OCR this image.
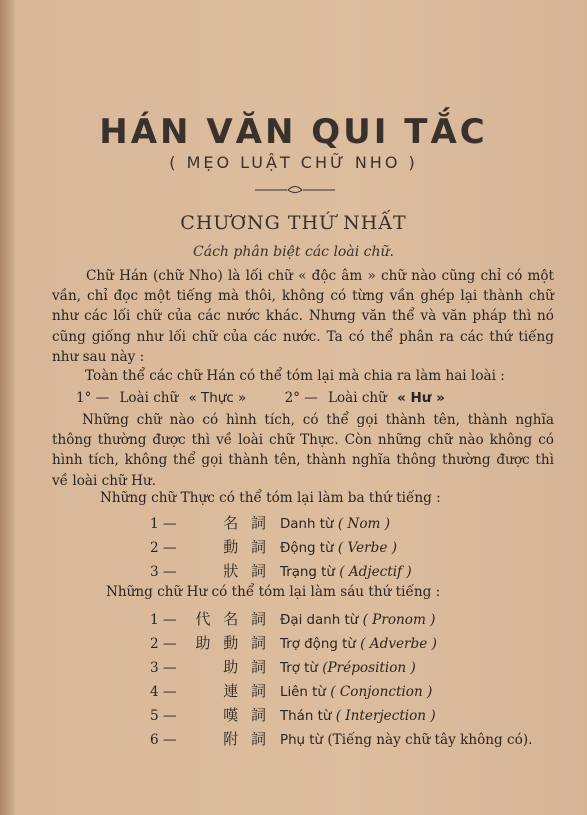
HÁN VĂN QUI TẮC
( MẸO LUẬT CHỮ NHO )
CHƯƠNG THỨ NHẤT
Cách phân biệt các loài chữ.
Chữ Hán (chữ Nho) là lối chữ « độc âm » chữ nào cũng chỉ có một vần, chỉ đọc một tiếng mà thôi, không có từng vần ghép lại thành chữ như các lối chữ của các nước khác. Nhưng văn thể và văn pháp thì nó cũng giống như lối chữ của các nước. Ta có thể phân ra các thứ tiếng như sau này :
Toàn thể các chữ Hán có thể tóm lại mà chia ra làm hai loài :
1° — Loài chữ « Thực »	2° — Loài chữ « Hư »
Những chữ nào có hình tích, có thể gọi thành tên, thành nghĩa thông thường được thì về loài chữ Thực. Còn những chữ nào không có hình tích, không thể gọi thành tên, thành nghĩa thông thường được thì về loài chữ Hư.
Những chữ Thực có thể tóm lại làm ba thứ tiếng :
1 —	名 詞 Danh từ ( Nom )
2 —	動 詞 Động từ ( Verbe )
3 —	狀 詞 Trạng từ ( Adjectif )
Những chữ Hư có thể tóm lại làm sáu thứ tiếng :
1 — 代 名 詞 Đại danh từ ( Pronom )
2 — 助 動 詞 Trợ động từ ( Adverbe )
3 —	助 詞 Trợ từ (Préposition )
4 —	連 詞 Liên từ ( Conjonction )
5 —	嘆 詞 Thán từ ( Interjection )
6 —	附 詞 Phụ từ (Tiếng này chữ tây không có).
